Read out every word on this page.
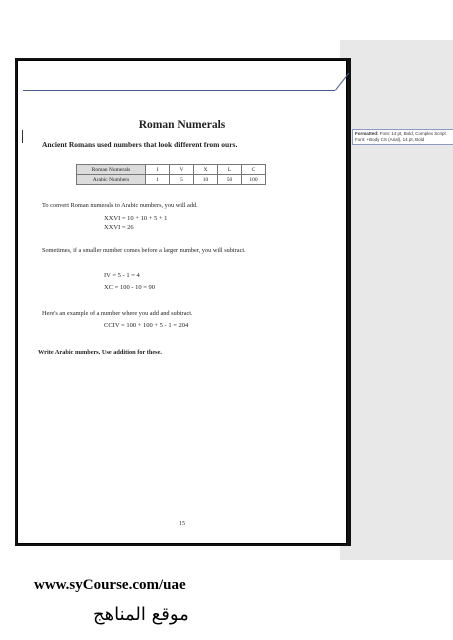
Roman Numerals
Ancient Romans used numbers that look different from ours.
Roman Numerals	I	V	X	L	C
Arabic Numbers	1	5	10	50	100
To convert Roman numerals to Arabic numbers, you will add.
XXVI = 10 + 10 + 5 + 1
XXVI = 26
Sometimes, if a smaller number comes before a larger number, you will subtract.
IV = 5 - 1 = 4
XC = 100 - 10 = 90
Here's an example of a number where you add and subtract.
CCIV = 100 + 100 + 5 - 1 = 204
Write Arabic numbers. Use addition for these.
15
Formatted: Font: 14 pt, Bold, Complex Script
Font: +Body CS (Arial), 14 pt, Bold
www.syCourse.com/uae
موقع المناهج
